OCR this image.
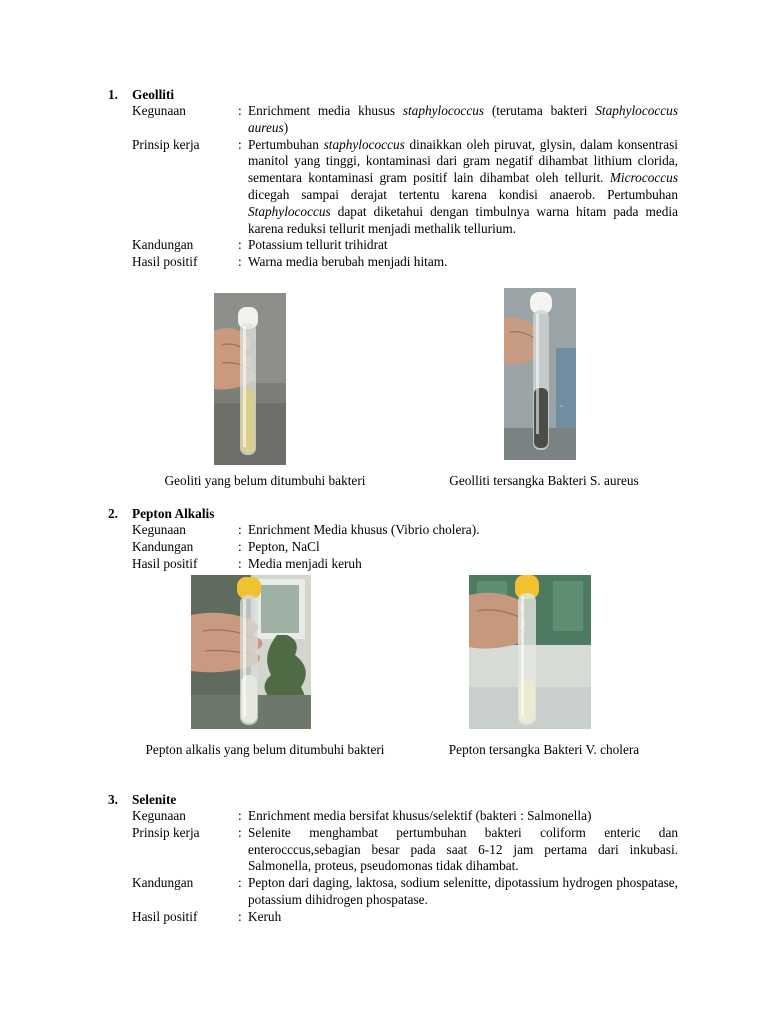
1. Geolliti
Kegunaan	: Enrichment media khusus staphylococcus (terutama bakteri Staphylococcus aureus)
Prinsip kerja	: Pertumbuhan staphylococcus dinaikkan oleh piruvat, glysin, dalam konsentrasi manitol yang tinggi, kontaminasi dari gram negatif dihambat lithium clorida, sementara kontaminasi gram positif lain dihambat oleh tellurit. Micrococcus dicegah sampai derajat tertentu karena kondisi anaerob. Pertumbuhan Staphylococcus dapat diketahui dengan timbulnya warna hitam pada media karena reduksi tellurit menjadi methalik tellurium.
Kandungan	: Potassium tellurit trihidrat
Hasil positif	: Warna media berubah menjadi hitam.
~
Geoliti yang belum ditumbuhi bakteri	Geolliti tersangka Bakteri S. aureus
2. Pepton Alkalis
Kegunaan	: Enrichment Media khusus (Vibrio cholera).
Kandungan	: Pepton, NaCl
Hasil positif	: Media menjadi keruh
Pepton alkalis yang belum ditumbuhi bakteri	Pepton tersangka Bakteri V. cholera
3. Selenite
Kegunaan	: Enrichment media bersifat khusus/selektif (bakteri : Salmonella)
Prinsip kerja	: Selenite menghambat pertumbuhan bakteri coliform enteric dan enterocccus,sebagian besar pada saat 6-12 jam pertama dari inkubasi. Salmonella, proteus, pseudomonas tidak dihambat.
Kandungan	: Pepton dari daging, laktosa, sodium selenitte, dipotassium hydrogen phospatase, potassium dihidrogen phospatase.
Hasil positif	: Keruh
